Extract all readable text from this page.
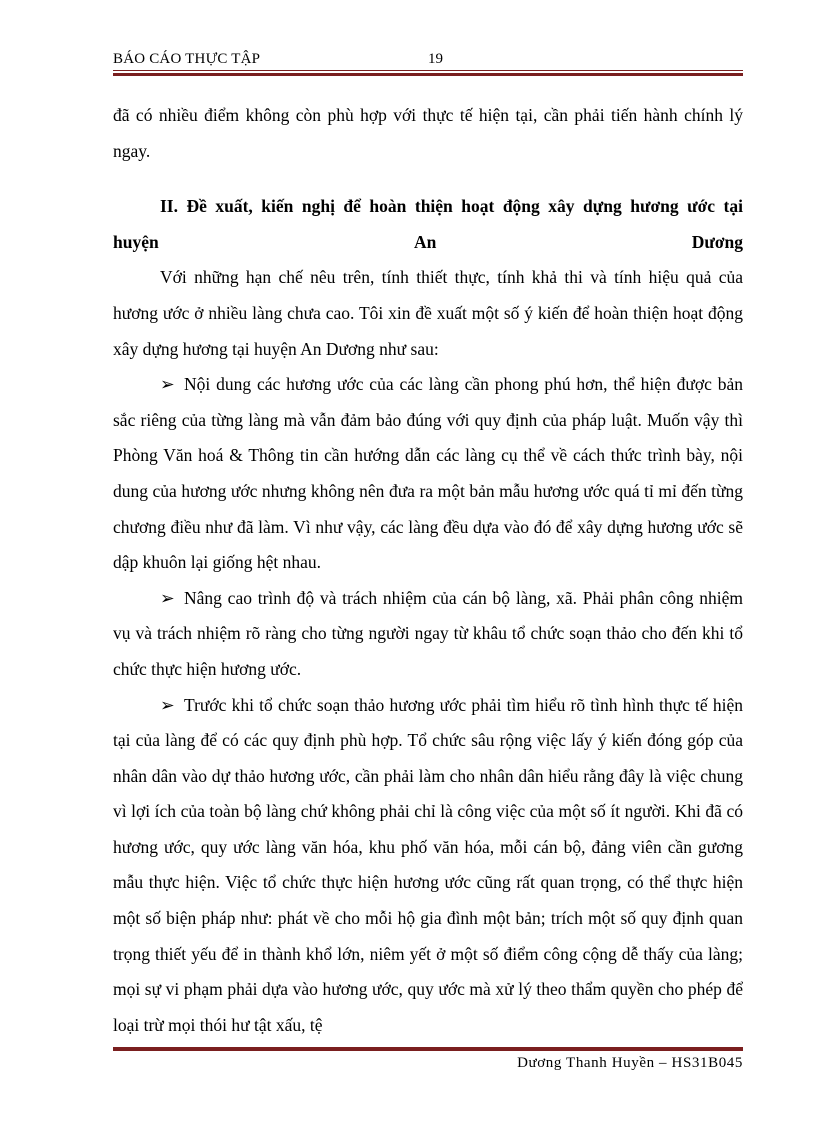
BÁO CÁO THỰC TẬP	19

đã có nhiều điểm không còn phù hợp với thực tế hiện tại, cần phải tiến hành chính lý ngay.

II. Đề xuất, kiến nghị để hoàn thiện hoạt động xây dựng hương ước tại

huyện	An	Dương

Với những hạn chế nêu trên, tính thiết thực, tính khả thi và tính hiệu quả của hương ước ở nhiều làng chưa cao. Tôi xin đề xuất một số ý kiến để hoàn thiện hoạt động xây dựng hương tại huyện An Dương như sau:

➢ Nội dung các hương ước của các làng cần phong phú hơn, thể hiện được bản sắc riêng của từng làng mà vẫn đảm bảo đúng với quy định của pháp luật. Muốn vậy thì Phòng Văn hoá & Thông tin cần hướng dẫn các làng cụ thể về cách thức trình bày, nội dung của hương ước nhưng không nên đưa ra một bản mẫu hương ước quá tỉ mỉ đến từng chương điều như đã làm. Vì như vậy, các làng đều dựa vào đó để xây dựng hương ước sẽ dập khuôn lại giống hệt nhau.

➢ Nâng cao trình độ và trách nhiệm của cán bộ làng, xã. Phải phân công nhiệm vụ và trách nhiệm rõ ràng cho từng người ngay từ khâu tổ chức soạn thảo cho đến khi tổ chức thực hiện hương ước.

➢ Trước khi tổ chức soạn thảo hương ước phải tìm hiểu rõ tình hình thực tế hiện tại của làng để có các quy định phù hợp. Tổ chức sâu rộng việc lấy ý kiến đóng góp của nhân dân vào dự thảo hương ước, cần phải làm cho nhân dân hiểu rằng đây là việc chung vì lợi ích của toàn bộ làng chứ không phải chỉ là công việc của một số ít người. Khi đã có hương ước, quy ước làng văn hóa, khu phố văn hóa, mỗi cán bộ, đảng viên cần gương mẫu thực hiện. Việc tổ chức thực hiện hương ước cũng rất quan trọng, có thể thực hiện một số biện pháp như: phát về cho mỗi hộ gia đình một bản; trích một số quy định quan trọng thiết yếu để in thành khổ lớn, niêm yết ở một số điểm công cộng dễ thấy của làng; mọi sự vi phạm phải dựa vào hương ước, quy ước mà xử lý theo thẩm quyền cho phép để loại trừ mọi thói hư tật xấu, tệ

Dương Thanh Huyền – HS31B045
